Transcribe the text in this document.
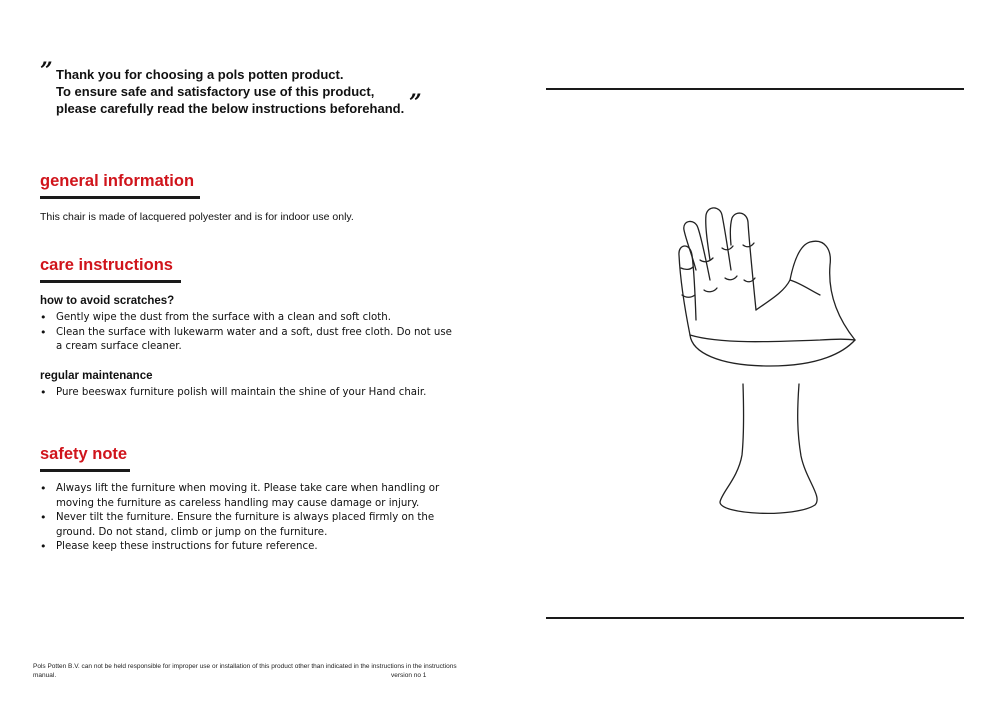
” Thank you for choosing a pols potten product.
To ensure safe and satisfactory use of this product,
please carefully read the below instructions beforehand. ”
general information
This chair is made of lacquered polyester and is for indoor use only.
care instructions
how to avoid scratches?
• Gently wipe the dust from the surface with a clean and soft cloth.
• Clean the surface with lukewarm water and a soft, dust free cloth. Do not use a cream surface cleaner.
regular maintenance
• Pure beeswax furniture polish will maintain the shine of your Hand chair.
safety note
• Always lift the furniture when moving it. Please take care when handling or moving the furniture as careless handling may cause damage or injury.
• Never tilt the furniture. Ensure the furniture is always placed firmly on the ground. Do not stand, climb or jump on the furniture.
• Please keep these instructions for future reference.
Pols Potten B.V. can not be held responsible for improper use or installation of this product other than indicated in the instructions in the instructions manual.	version no 1
